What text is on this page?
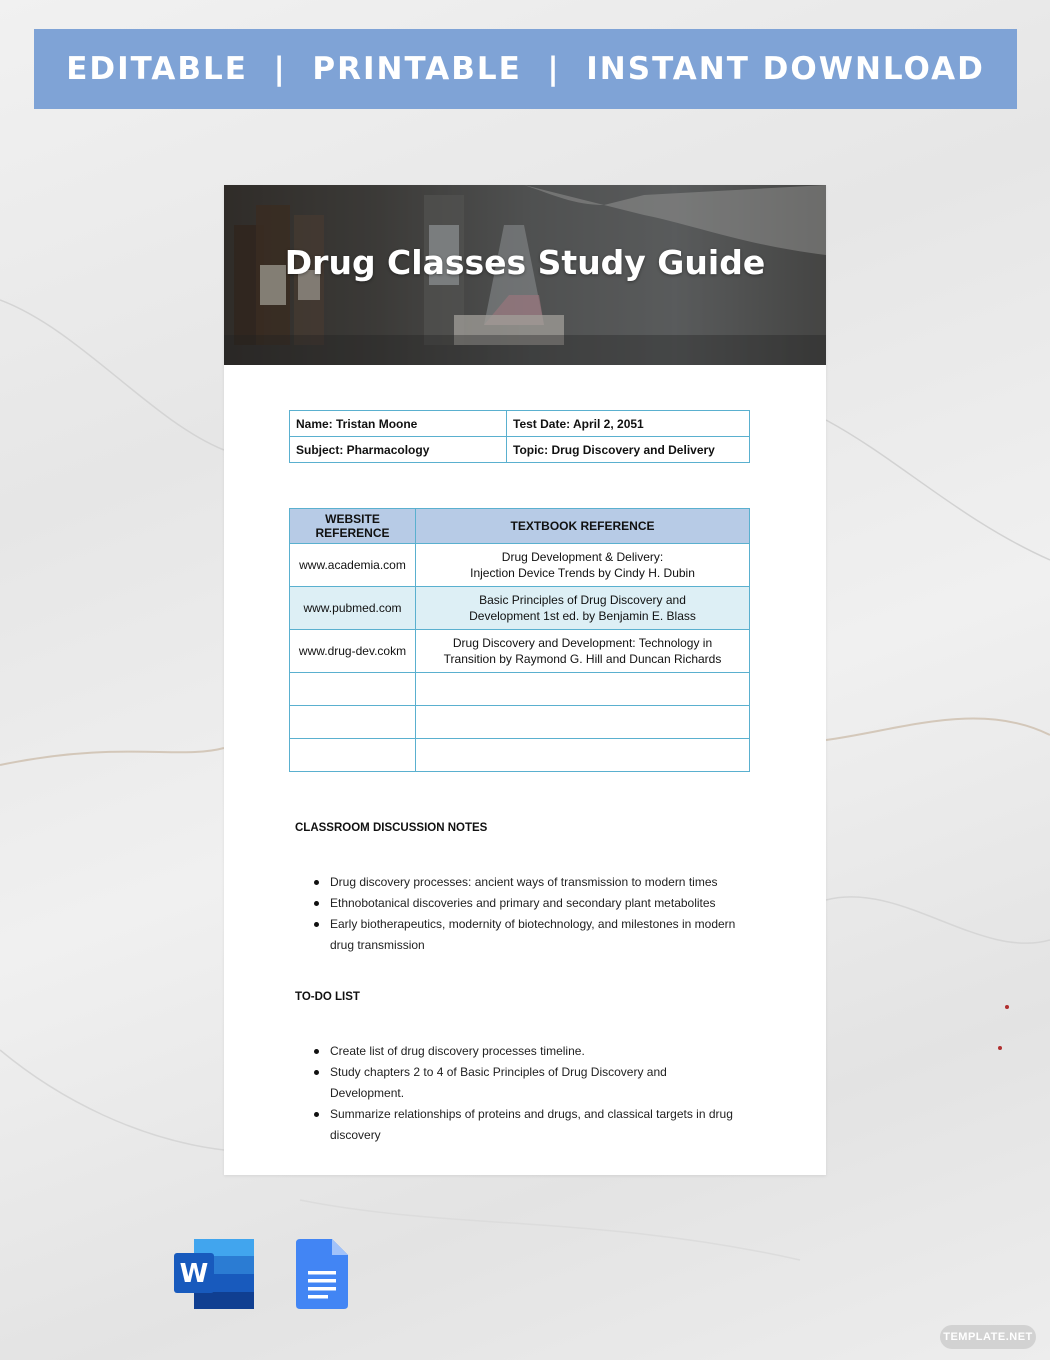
EDITABLE  |  PRINTABLE  |  INSTANT DOWNLOAD
Drug Classes Study Guide
Name: Tristan Moone	Test Date: April 2, 2051
Subject: Pharmacology	Topic: Drug Discovery and Delivery
WEBSITE REFERENCE	TEXTBOOK REFERENCE
www.academia.com	Drug Development & Delivery:
Injection Device Trends by Cindy H. Dubin
www.pubmed.com	Basic Principles of Drug Discovery and
Development 1st ed. by Benjamin E. Blass
www.drug-dev.cokm	Drug Discovery and Development: Technology in
Transition by Raymond G. Hill and Duncan Richards

CLASSROOM DISCUSSION NOTES
Drug discovery processes: ancient ways of transmission to modern times
Ethnobotanical discoveries and primary and secondary plant metabolites
Early biotherapeutics, modernity of biotechnology, and milestones in modern drug transmission
TO-DO LIST
Create list of drug discovery processes timeline.
Study chapters 2 to 4 of Basic Principles of Drug Discovery and Development.
Summarize relationships of proteins and drugs, and classical targets in drug discovery
W
TEMPLATE.NET
